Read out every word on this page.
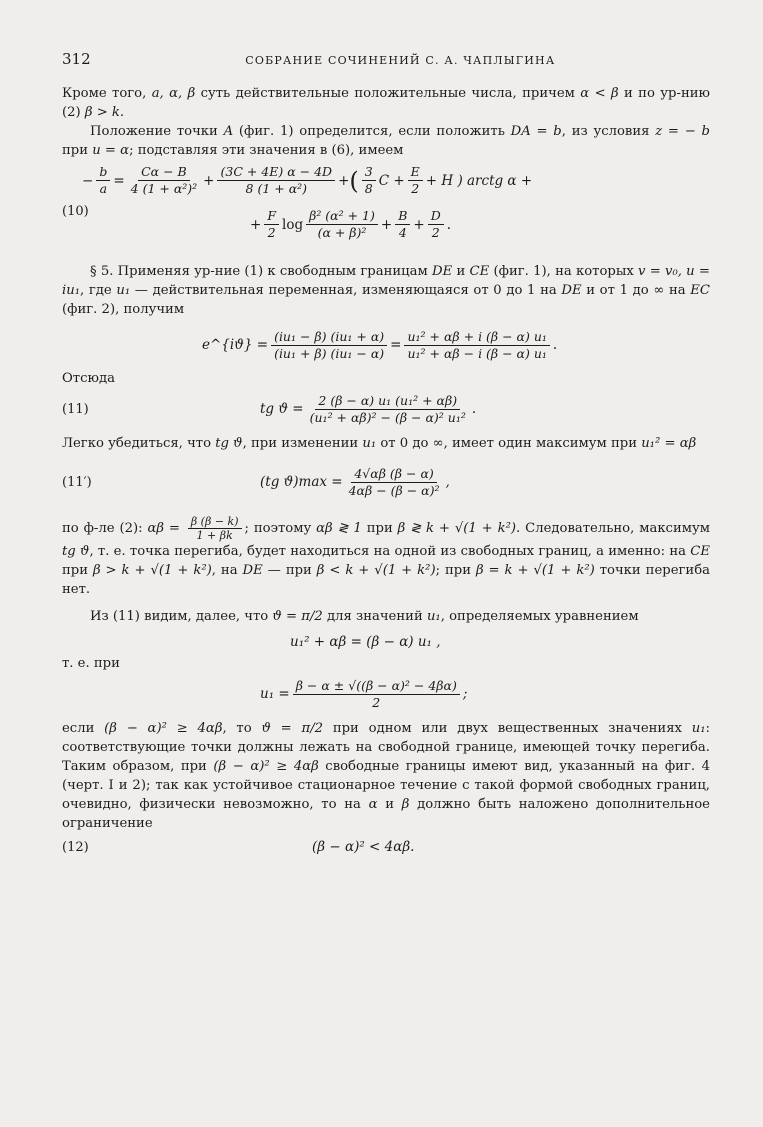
312	СОБРАНИЕ СОЧИНЕНИЙ С. А. ЧАПЛЫГИНА

Кроме того, a, α, β суть действительные положительные числа, причем α < β и по ур-нию (2) β > k.

Положение точки A (фиг. 1) определится, если положить DA = b, из условия z = − b при u = α; подставляя эти значения в (6), имеем

− $\frac{b}{a} = \frac{C\alpha - B}{\text{4 (1 + α²)²}} + \frac{(3C + 4E) \alpha - 4D}{\text{8 (1 + α²)}}$ + ( $\frac{3}{8}$ $C + \frac{E}{2} + H$ ) arctg α +
(10)
+ $\frac{F}{2}$ $\log \frac{\text{β² (α² + 1)}}{\text{(α + β)²}} + \frac{B}{4} + \frac{D}{2}$ .

§ 5. Применяя ур-ние (1) к свободным границам DE и CE (фиг. 1), на которых v = v₀, u = iu₁, где u₁ — действительная переменная, изменяющаяся от 0 до 1 на DE и от 1 до ∞ на EC (фиг. 2), получим

e^{iϑ} = $\frac{\text{(iu₁ − β) (iu₁ + α)}}{\text{(iu₁ + β) (iu₁ − α)}} = \frac{\text{u₁² + αβ + i (β − α) u₁}}{\text{u₁² + αβ − i (β − α) u₁}}$ .

Отсюда

(11)	tg $ϑ = \frac{\text{2 (β − α) u₁ (u₁² + αβ)}}{\text{(u₁² + αβ)² − (β − α)² u₁²}}$ .

Легко убедиться, что tg ϑ, при изменении u₁ от 0 до ∞, имеет один максимум при u₁² = αβ

(11′)	(tg $ϑ)\max = \frac{4√\alpha\beta (\beta - \alpha)}{\text{4αβ − (β − α)²}}$ ,

по ф-ле (2): $\alpha\beta = \frac{\beta (\beta - k)}{1 + \beta k}$ ; поэтому αβ ≷ 1 при β ≷ k + √(1 + k²). Следовательно, максимум tg ϑ, т. е. точка перегиба, будет находиться на одной из свободных границ, а именно: на CE при β > k + √(1 + k²), на DE — при β < k + √(1 + k²); при β = k + √(1 + k²) точки перегиба нет.

Из (11) видим, далее, что ϑ = π/2 для значений u₁, определяемых уравнением

u₁² + αβ = (β − α) u₁ ,

т. е. при

$u_1 = \frac{\text{β − α ± √((β − α)² − 4βα)}}{2}$ ;

если (β − α)² ≥ 4αβ, то ϑ = π/2 при одном или двух вещественных значениях u₁: соответствующие точки должны лежать на свободной границе, имеющей точку перегиба. Таким образом, при (β − α)² ≥ 4αβ свободные границы имеют вид, указанный на фиг. 4 (черт. I и 2); так как устойчивое стационарное течение с такой формой свободных границ, очевидно, физически невозможно, то на α и β должно быть наложено дополнительное ограничение

(12)	(β − α)² < 4αβ.
